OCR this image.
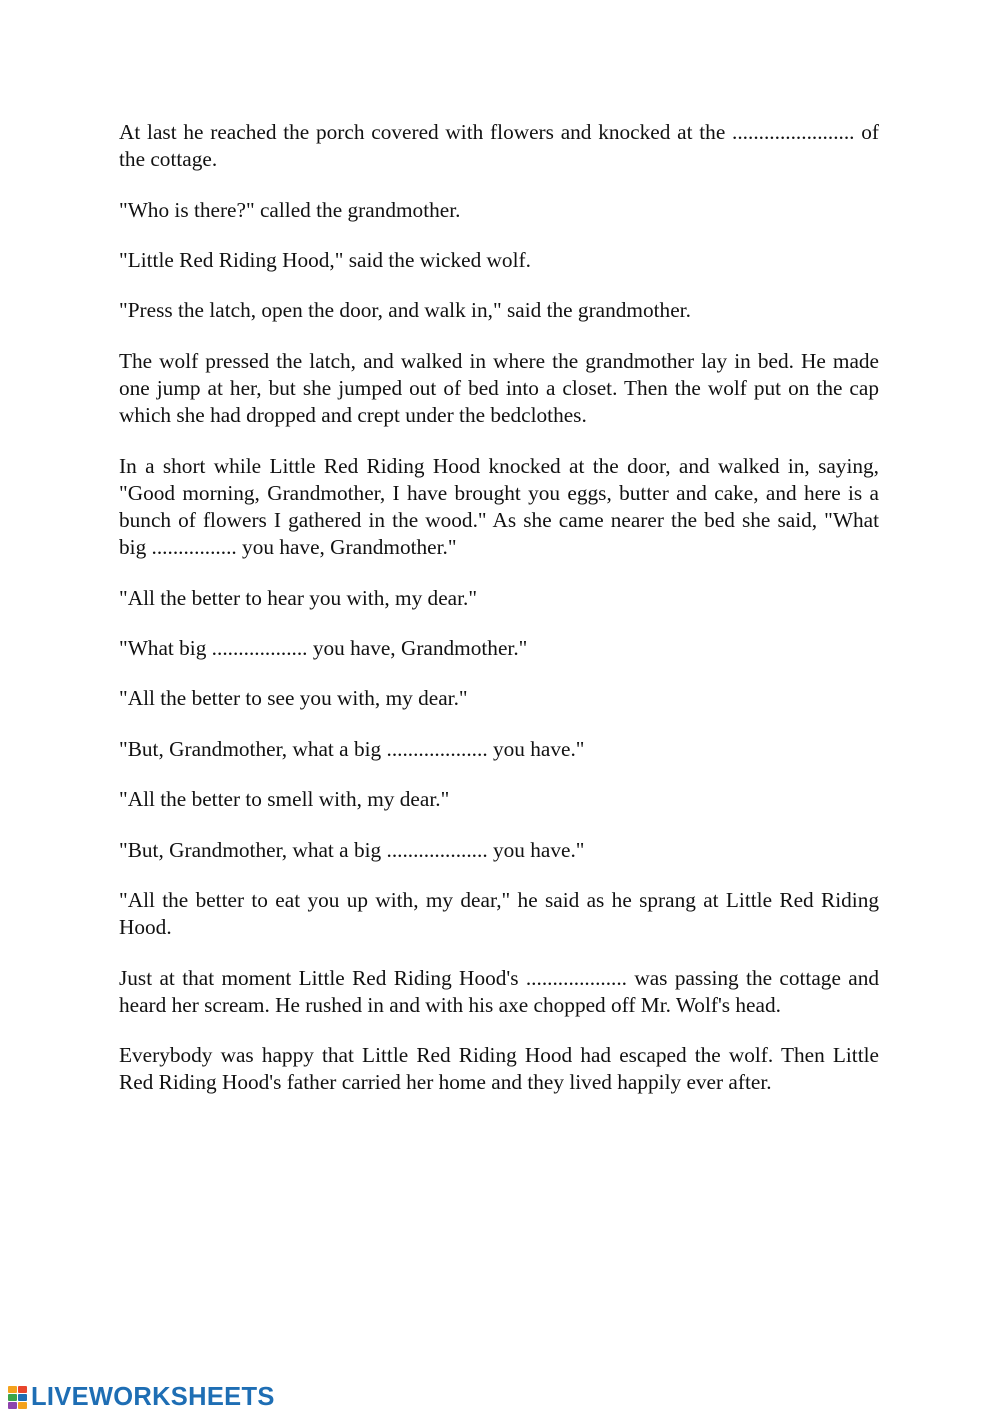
At last he reached the porch covered with flowers and knocked at the ....................... of the cottage.

"Who is there?" called the grandmother.

"Little Red Riding Hood," said the wicked wolf.

"Press the latch, open the door, and walk in," said the grandmother.

The wolf pressed the latch, and walked in where the grandmother lay in bed. He made one jump at her, but she jumped out of bed into a closet. Then the wolf put on the cap which she had dropped and crept under the bedclothes.

In a short while Little Red Riding Hood knocked at the door, and walked in, saying, "Good morning, Grandmother, I have brought you eggs, butter and cake, and here is a bunch of flowers I gathered in the wood." As she came nearer the bed she said, "What big ................ you have, Grandmother."

"All the better to hear you with, my dear."

"What big .................. you have, Grandmother."

"All the better to see you with, my dear."

"But, Grandmother, what a big ................... you have."

"All the better to smell with, my dear."

"But, Grandmother, what a big ................... you have."

"All the better to eat you up with, my dear," he said as he sprang at Little Red Riding Hood.

Just at that moment Little Red Riding Hood's ................... was passing the cottage and heard her scream. He rushed in and with his axe chopped off Mr. Wolf's head.

Everybody was happy that Little Red Riding Hood had escaped the wolf. Then Little Red Riding Hood's father carried her home and they lived happily ever after.

LIVEWORKSHEETS
